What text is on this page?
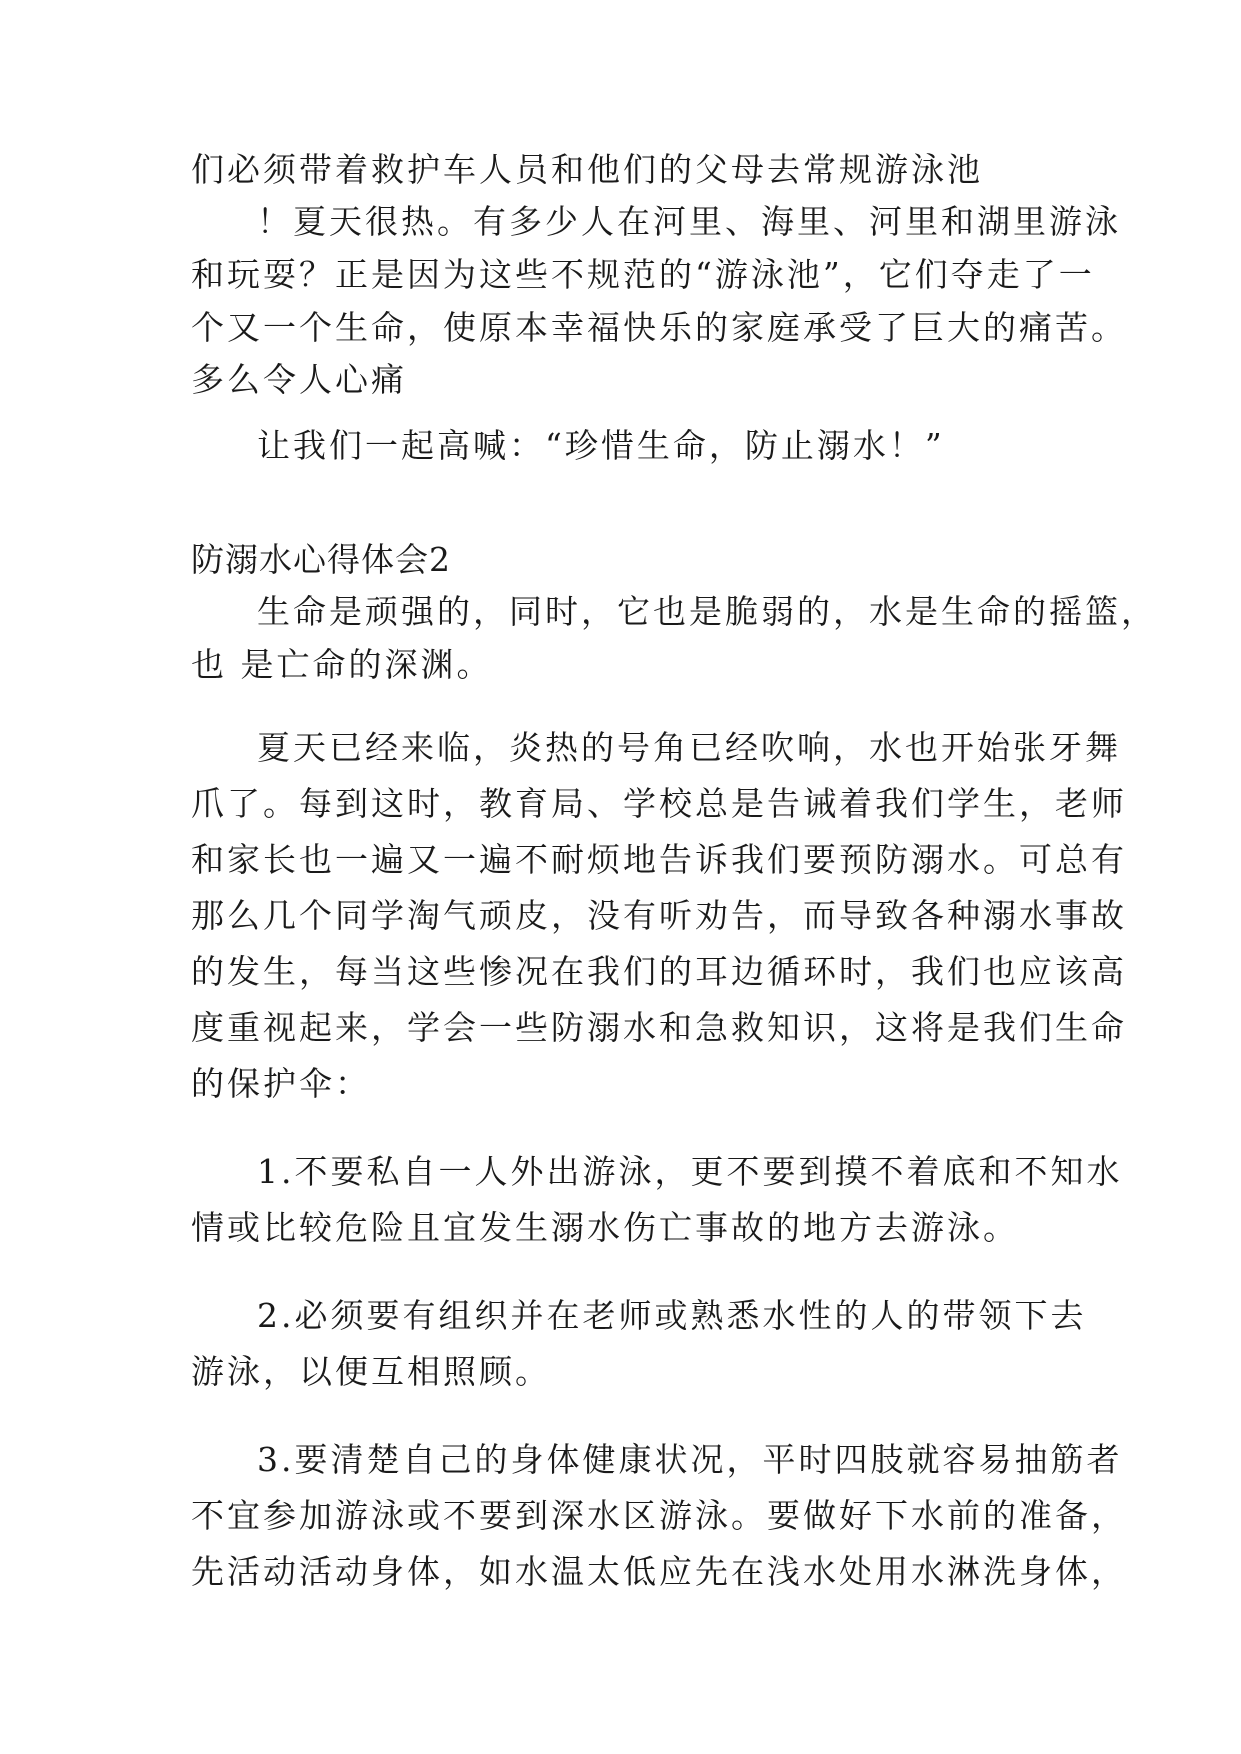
们必须带着救护车人员和他们的父母去常规游泳池
！夏天很热。有多少人在河里、海里、河里和湖里游泳
和玩耍？正是因为这些不规范的“游泳池”，它们夺走了一
个又一个生命，使原本幸福快乐的家庭承受了巨大的痛苦。
多么令人心痛
让我们一起高喊：“珍惜生命，防止溺水！”
防溺水心得体会2
生命是顽强的，同时，它也是脆弱的，水是生命的摇篮，
也 是亡命的深渊。
夏天已经来临，炎热的号角已经吹响，水也开始张牙舞
爪了。每到这时，教育局、学校总是告诫着我们学生，老师
和家长也一遍又一遍不耐烦地告诉我们要预防溺水。可总有
那么几个同学淘气顽皮，没有听劝告，而导致各种溺水事故
的发生，每当这些惨况在我们的耳边循环时，我们也应该高
度重视起来，学会一些防溺水和急救知识，这将是我们生命
的保护伞：
1.不要私自一人外出游泳，更不要到摸不着底和不知水
情或比较危险且宜发生溺水伤亡事故的地方去游泳。
2.必须要有组织并在老师或熟悉水性的人的带领下去
游泳，以便互相照顾。
3.要清楚自己的身体健康状况，平时四肢就容易抽筋者
不宜参加游泳或不要到深水区游泳。要做好下水前的准备，
先活动活动身体，如水温太低应先在浅水处用水淋洗身体，
